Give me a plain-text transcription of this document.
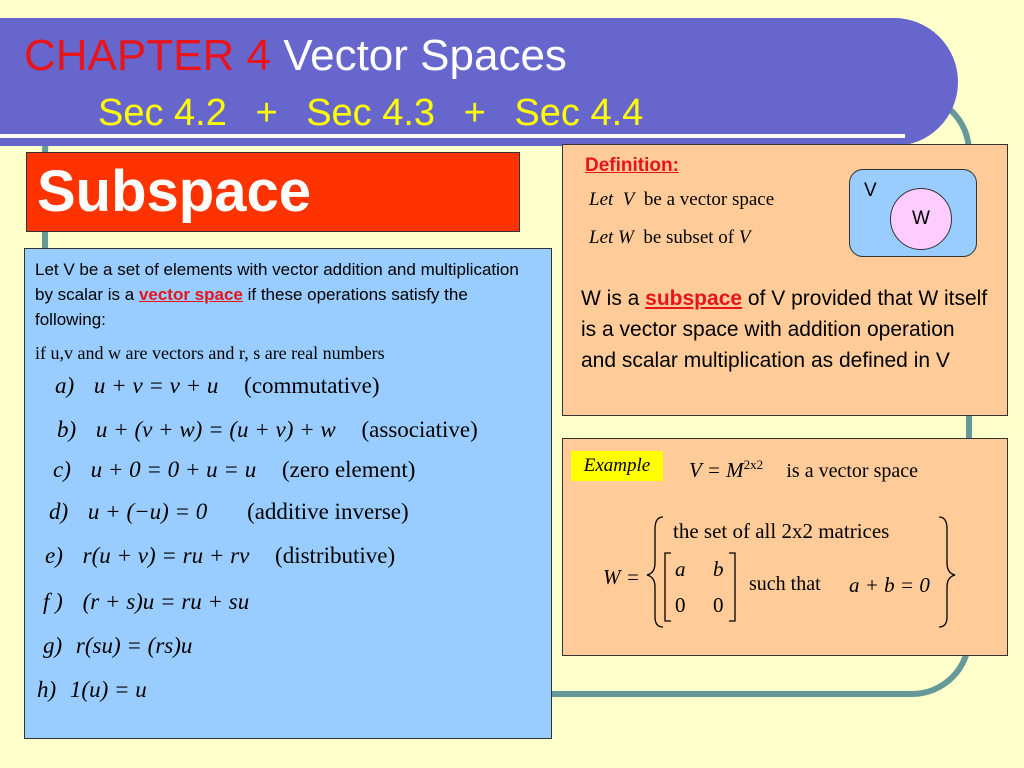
CHAPTER 4 Vector Spaces
Sec 4.2 + Sec 4.3 + Sec 4.4
Subspace
Let V be a set of elements with vector addition and multiplication by scalar is a vector space if these operations satisfy the following:
if u,v and w are vectors and r, s are real numbers
a) u + v = v + u (commutative)
b) u + (v + w) = (u + v) + w (associative)
c) u + 0 = 0 + u = u (zero element)
d) u + (−u) = 0 (additive inverse)
e) r(u + v) = ru + rv (distributive)
f ) (r + s)u = ru + su
g) r(su) = (rs)u
h) 1(u) = u
Definition:
Let V be a vector space
Let W be subset of V
V
W
W is a subspace of V provided that W itself is a vector space with addition operation and scalar multiplication as defined in V
Example	$V = M^{2x2}$ is a vector space
the set of all 2x2 matrices
W = a b
0 0
such that a + b = 0
